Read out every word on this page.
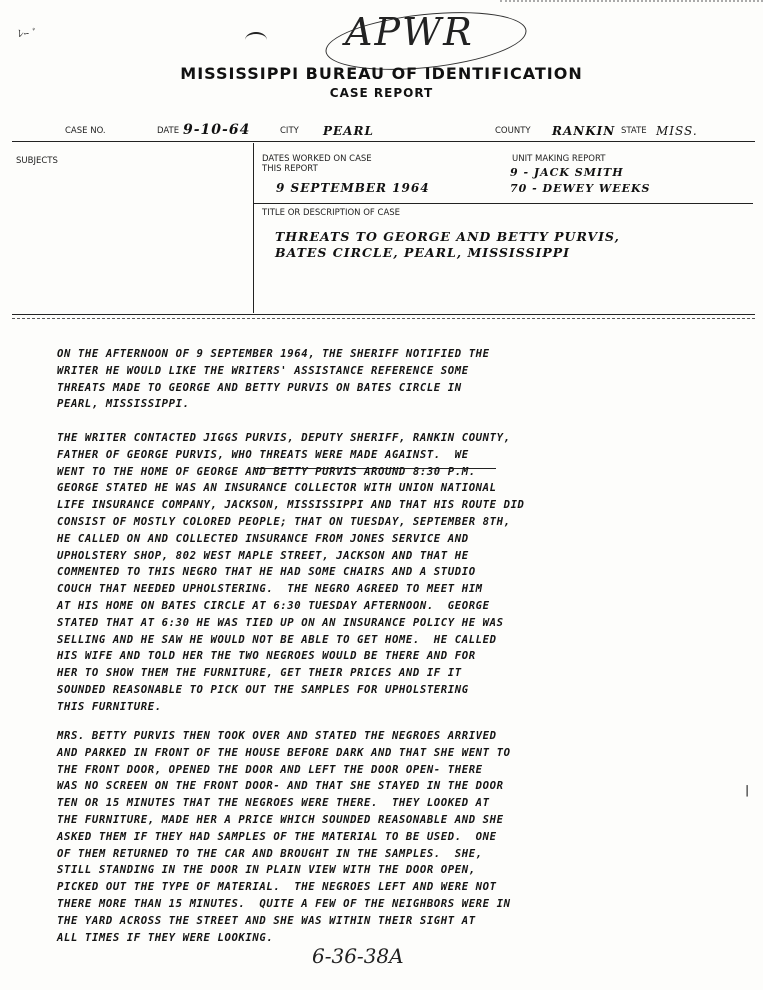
ﾚｰ ﾞ	APWR
MISSISSIPPI BUREAU OF IDENTIFICATION
CASE REPORT
CASE NO.	DATE 9-10-64	CITY PEARL	COUNTY RANKIN STATE MISS.
SUBJECTS	DATES WORKED ON CASE
THIS REPORT
9 SEPTEMBER 1964
UNIT MAKING REPORT
9 - JACK SMITH
70 - DEWEY WEEKS
TITLE OR DESCRIPTION OF CASE
THREATS TO GEORGE AND BETTY PURVIS,
BATES CIRCLE, PEARL, MISSISSIPPI
ON THE AFTERNOON OF 9 SEPTEMBER 1964, THE SHERIFF NOTIFIED THE
WRITER HE WOULD LIKE THE WRITERS' ASSISTANCE REFERENCE SOME
THREATS MADE TO GEORGE AND BETTY PURVIS ON BATES CIRCLE IN
PEARL, MISSISSIPPI.
THE WRITER CONTACTED JIGGS PURVIS, DEPUTY SHERIFF, RANKIN COUNTY,
FATHER OF GEORGE PURVIS, WHO THREATS WERE MADE AGAINST.  WE
WENT TO THE HOME OF GEORGE AND BETTY PURVIS AROUND 8:30 P.M.
GEORGE STATED HE WAS AN INSURANCE COLLECTOR WITH UNION NATIONAL
LIFE INSURANCE COMPANY, JACKSON, MISSISSIPPI AND THAT HIS ROUTE DID
CONSIST OF MOSTLY COLORED PEOPLE; THAT ON TUESDAY, SEPTEMBER 8TH,
HE CALLED ON AND COLLECTED INSURANCE FROM JONES SERVICE AND
UPHOLSTERY SHOP, 802 WEST MAPLE STREET, JACKSON AND THAT HE
COMMENTED TO THIS NEGRO THAT HE HAD SOME CHAIRS AND A STUDIO
COUCH THAT NEEDED UPHOLSTERING.  THE NEGRO AGREED TO MEET HIM
AT HIS HOME ON BATES CIRCLE AT 6:30 TUESDAY AFTERNOON.  GEORGE
STATED THAT AT 6:30 HE WAS TIED UP ON AN INSURANCE POLICY HE WAS
SELLING AND HE SAW HE WOULD NOT BE ABLE TO GET HOME.  HE CALLED
HIS WIFE AND TOLD HER THE TWO NEGROES WOULD BE THERE AND FOR
HER TO SHOW THEM THE FURNITURE, GET THEIR PRICES AND IF IT
SOUNDED REASONABLE TO PICK OUT THE SAMPLES FOR UPHOLSTERING
THIS FURNITURE.
MRS. BETTY PURVIS THEN TOOK OVER AND STATED THE NEGROES ARRIVED
AND PARKED IN FRONT OF THE HOUSE BEFORE DARK AND THAT SHE WENT TO
THE FRONT DOOR, OPENED THE DOOR AND LEFT THE DOOR OPEN- THERE
WAS NO SCREEN ON THE FRONT DOOR- AND THAT SHE STAYED IN THE DOOR
TEN OR 15 MINUTES THAT THE NEGROES WERE THERE.  THEY LOOKED AT
THE FURNITURE, MADE HER A PRICE WHICH SOUNDED REASONABLE AND SHE
ASKED THEM IF THEY HAD SAMPLES OF THE MATERIAL TO BE USED.  ONE
OF THEM RETURNED TO THE CAR AND BROUGHT IN THE SAMPLES.  SHE,
STILL STANDING IN THE DOOR IN PLAIN VIEW WITH THE DOOR OPEN,
PICKED OUT THE TYPE OF MATERIAL.  THE NEGROES LEFT AND WERE NOT
THERE MORE THAN 15 MINUTES.  QUITE A FEW OF THE NEIGHBORS WERE IN
THE YARD ACROSS THE STREET AND SHE WAS WITHIN THEIR SIGHT AT
ALL TIMES IF THEY WERE LOOKING.
❘
6-36-38A
